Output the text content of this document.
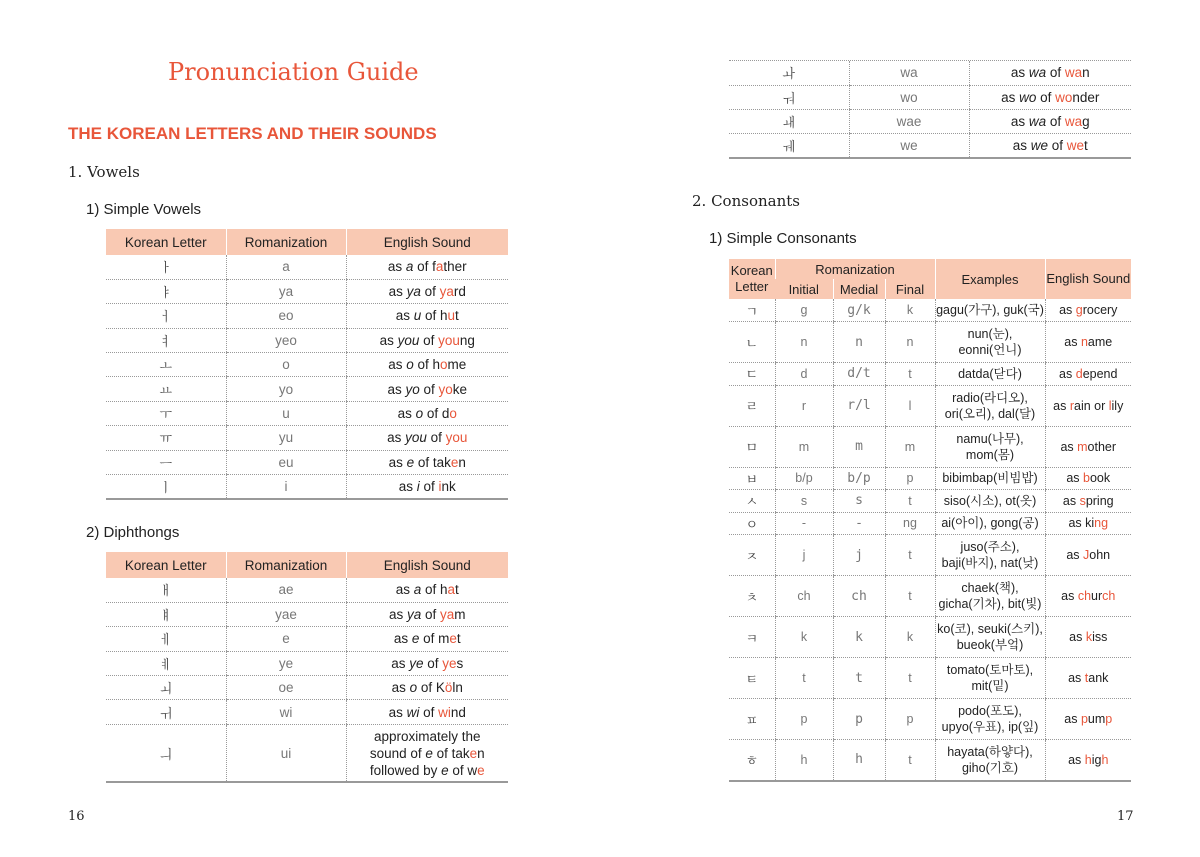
Pronunciation Guide
THE KOREAN LETTERS AND THEIR SOUNDS
1. Vowels
1) Simple Vowels
2) Diphthongs
2. Consonants
1) Simple Consonants
Korean Letter	Romanization	English Sound
ㅏ	a	as a of father
ㅑ	ya	as ya of yard
ㅓ	eo	as u of hut
ㅕ	yeo	as you of young
ㅗ	o	as o of home
ㅛ	yo	as yo of yoke
ㅜ	u	as o of do
ㅠ	yu	as you of you
ㅡ	eu	as e of taken
ㅣ	i	as i of ink
Korean Letter	Romanization	English Sound
ㅐ	ae	as a of hat
ㅒ	yae	as ya of yam
ㅔ	e	as e of met
ㅖ	ye	as ye of yes
ㅚ	oe	as o of Köln
ㅟ	wi	as wi of wind
ㅢ	ui	approximately the
sound of e of taken
followed by e of we
ㅘ	wa	as wa of wan
ㅝ	wo	as wo of wonder
ㅙ	wae	as wa of wag
ㅞ	we	as we of wet
Korean Letter	Romanization			Examples	English Sound
	Initial	Medial	Final		
ㄱ	g	g/k	k	gagu(가구), guk(국)	as grocery
ㄴ	n	n	n	nun(눈),
eonni(언니)	as name
ㄷ	d	d/t	t	datda(닫다)	as depend
ㄹ	r	r/l	l	radio(라디오),
ori(오리), dal(달)	as rain or lily
ㅁ	m	m	m	namu(나무),
mom(몸)	as mother
ㅂ	b/p	b/p	p	bibimbap(비빔밥)	as book
ㅅ	s	s	t	siso(시소), ot(옷)	as spring
ㅇ	-	-	ng	ai(아이), gong(공)	as king
ㅈ	j	j	t	juso(주소),
baji(바지), nat(낮)	as John
ㅊ	ch	ch	t	chaek(책),
gicha(기차), bit(빛)	as church
ㅋ	k	k	k	ko(코), seuki(스키),
bueok(부엌)	as kiss
ㅌ	t	t	t	tomato(토마토),
mit(밑)	as tank
ㅍ	p	p	p	podo(포도),
upyo(우표), ip(잎)	as pump
ㅎ	h	h	t	hayata(하얗다),
giho(기호)	as high
16	17
